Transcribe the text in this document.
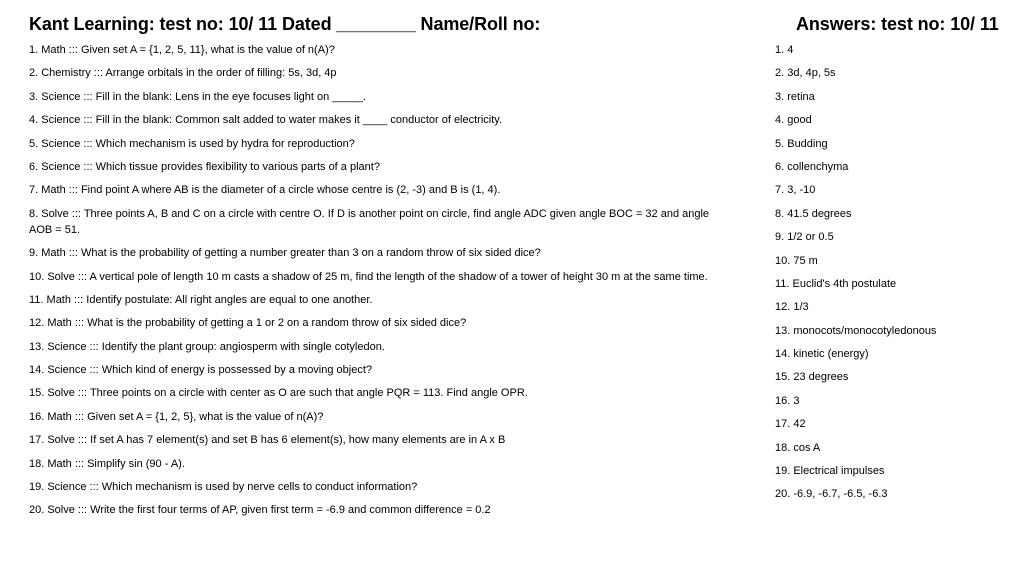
Kant Learning: test no: 10/ 11 Dated ________ Name/Roll no:	Answers: test no: 10/ 11
1. Math ::: Given set A = {1, 2, 5, 11}, what is the value of n(A)?
2. Chemistry ::: Arrange orbitals in the order of filling: 5s, 3d, 4p
3. Science ::: Fill in the blank: Lens in the eye focuses light on _____.
4. Science ::: Fill in the blank: Common salt added to water makes it ____ conductor of electricity.
5. Science ::: Which mechanism is used by hydra for reproduction?
6. Science ::: Which tissue provides flexibility to various parts of a plant?
7. Math ::: Find point A where AB is the diameter of a circle whose centre is (2, -3) and B is (1, 4).
8. Solve ::: Three points A, B and C on a circle with centre O. If D is another point on circle, find angle ADC given angle BOC = 32 and angle AOB = 51.
9. Math ::: What is the probability of getting a number greater than 3 on a random throw of six sided dice?
10. Solve ::: A vertical pole of length 10 m casts a shadow of 25 m, find the length of the shadow of a tower of height 30 m at the same time.
11. Math ::: Identify postulate: All right angles are equal to one another.
12. Math ::: What is the probability of getting a 1 or 2 on a random throw of six sided dice?
13. Science ::: Identify the plant group: angiosperm with single cotyledon.
14. Science ::: Which kind of energy is possessed by a moving object?
15. Solve ::: Three points on a circle with center as O are such that angle PQR = 113. Find angle OPR.
16. Math ::: Given set A = {1, 2, 5}, what is the value of n(A)?
17. Solve ::: If set A has 7 element(s) and set B has 6 element(s), how many elements are in A x B
18. Math ::: Simplify sin (90 - A).
19. Science ::: Which mechanism is used by nerve cells to conduct information?
20. Solve ::: Write the first four terms of AP, given first term = -6.9 and common difference = 0.2
1. 4
2. 3d, 4p, 5s
3. retina
4. good
5. Budding
6. collenchyma
7. 3, -10
8. 41.5 degrees
9. 1/2 or 0.5
10. 75 m
11. Euclid's 4th postulate
12. 1/3
13. monocots/monocotyledonous
14. kinetic (energy)
15. 23 degrees
16. 3
17. 42
18. cos A
19. Electrical impulses
20. -6.9, -6.7, -6.5, -6.3
